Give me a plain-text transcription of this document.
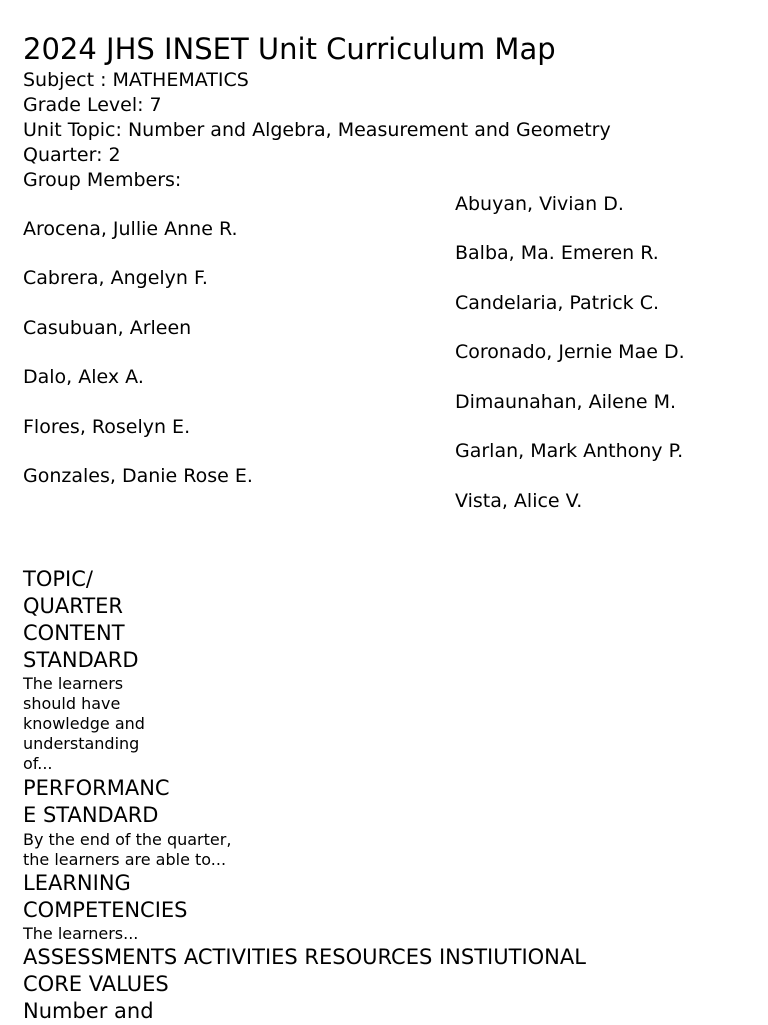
2024 JHS INSET Unit Curriculum Map
Subject : MATHEMATICS
Grade Level: 7
Unit Topic: Number and Algebra, Measurement and Geometry
Quarter: 2
Group Members:
Abuyan, Vivian D.
Arocena, Jullie Anne R.
Balba, Ma. Emeren R.
Cabrera, Angelyn F.
Candelaria, Patrick C.
Casubuan, Arleen
Coronado, Jernie Mae D.
Dalo, Alex A.
Dimaunahan, Ailene M.
Flores, Roselyn E.
Garlan, Mark Anthony P.
Gonzales, Danie Rose E.
Vista, Alice V.
TOPIC/
QUARTER
CONTENT
STANDARD
The learners
should have
knowledge and
understanding
of...
PERFORMANC
E STANDARD
By the end of the quarter,
the learners are able to...
LEARNING
COMPETENCIES
The learners...
ASSESSMENTS ACTIVITIES RESOURCES INSTIUTIONAL
CORE VALUES
Number and
